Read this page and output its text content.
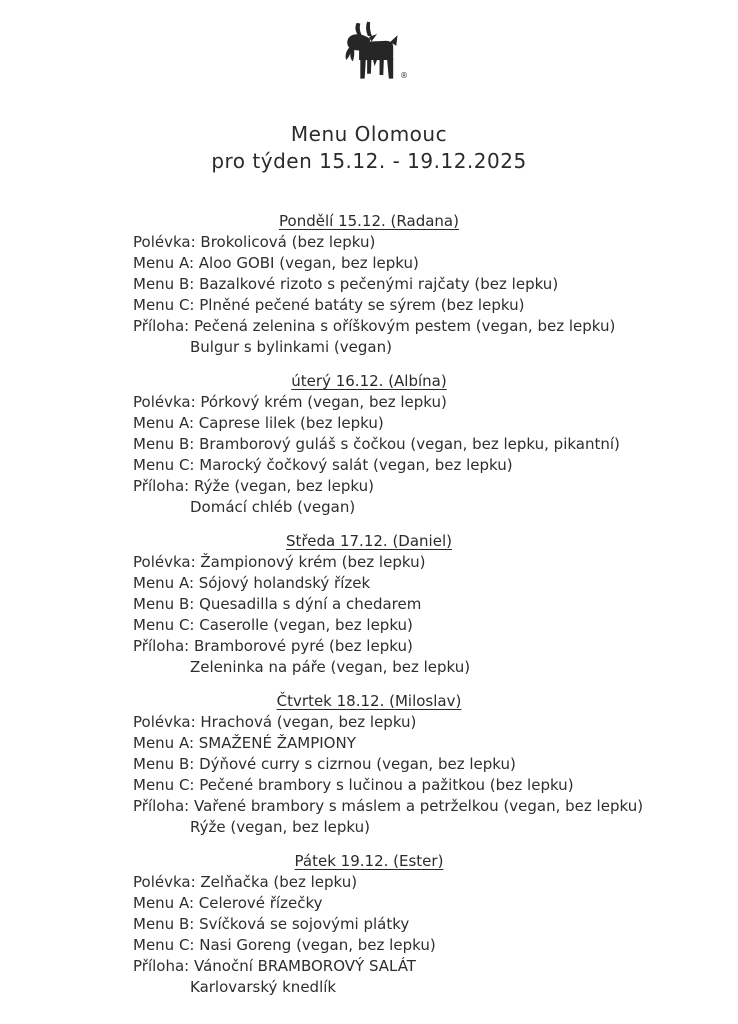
®
Menu Olomouc
pro týden 15.12. - 19.12.2025
Pondělí 15.12. (Radana)
Polévka: Brokolicová (bez lepku)
Menu A: Aloo GOBI (vegan, bez lepku)
Menu B: Bazalkové rizoto s pečenými rajčaty (bez lepku)
Menu C: Plněné pečené batáty se sýrem (bez lepku)
Příloha: Pečená zelenina s oříškovým pestem (vegan, bez lepku)
Bulgur s bylinkami (vegan)
úterý 16.12. (Albína)
Polévka: Pórkový krém (vegan, bez lepku)
Menu A: Caprese lilek (bez lepku)
Menu B: Bramborový guláš s čočkou (vegan, bez lepku, pikantní)
Menu C: Marocký čočkový salát (vegan, bez lepku)
Příloha: Rýže (vegan, bez lepku)
Domácí chléb (vegan)
Středa 17.12. (Daniel)
Polévka: Žampionový krém (bez lepku)
Menu A: Sójový holandský řízek
Menu B: Quesadilla s dýní a chedarem
Menu C: Caserolle (vegan, bez lepku)
Příloha: Bramborové pyré (bez lepku)
Zeleninka na páře (vegan, bez lepku)
Čtvrtek 18.12. (Miloslav)
Polévka: Hrachová (vegan, bez lepku)
Menu A: SMAŽENÉ ŽAMPIONY
Menu B: Dýňové curry s cizrnou (vegan, bez lepku)
Menu C: Pečené brambory s lučinou a pažitkou (bez lepku)
Příloha: Vařené brambory s máslem a petrželkou (vegan, bez lepku)
Rýže (vegan, bez lepku)
Pátek 19.12. (Ester)
Polévka: Zelňačka (bez lepku)
Menu A: Celerové řízečky
Menu B: Svíčková se sojovými plátky
Menu C: Nasi Goreng (vegan, bez lepku)
Příloha: Vánoční BRAMBOROVÝ SALÁT
Karlovarský knedlík
